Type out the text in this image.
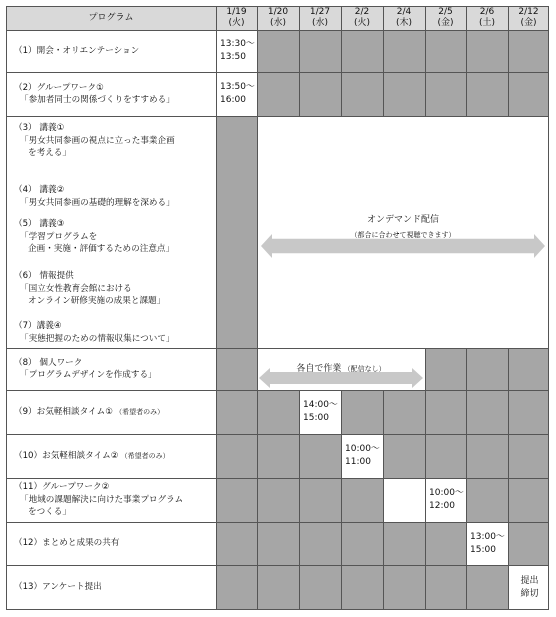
プログラム
1/19
(火)
1/20
(水)
1/27
(水)
2/2
(火)
2/4
(木)
2/5
(金)
2/6
(土)
2/12
(金)
（1）開会・オリエンテーション
（2）グループワーク①
「参加者同士の関係づくりをすすめる」
（3） 講義①
「男女共同参画の視点に立った事業企画
を考える」
（4） 講義②
「男女共同参画の基礎的理解を深める」
（5） 講義③
「学習プログラムを
企画・実施・評価するための注意点」
（6） 情報提供
「国立女性教育会館における
オンライン研修実施の成果と課題」
（7）講義④
「実態把握のための情報収集について」
（8） 個人ワーク
「プログラムデザインを作成する」
（9）お気軽相談タイム① （希望者のみ）
（10）お気軽相談タイム② （希望者のみ）
（11）グループワーク②
「地域の課題解決に向けた事業プログラム
をつくる」
（12）まとめと成果の共有
（13）アンケート提出
13:30～
13:50
13:50～
16:00
14:00～
15:00
10:00～
11:00
10:00～
12:00
13:00～
15:00
提出
締切
オンデマンド配信
（都合に合わせて視聴できます）
各自で作業 （配信なし）
